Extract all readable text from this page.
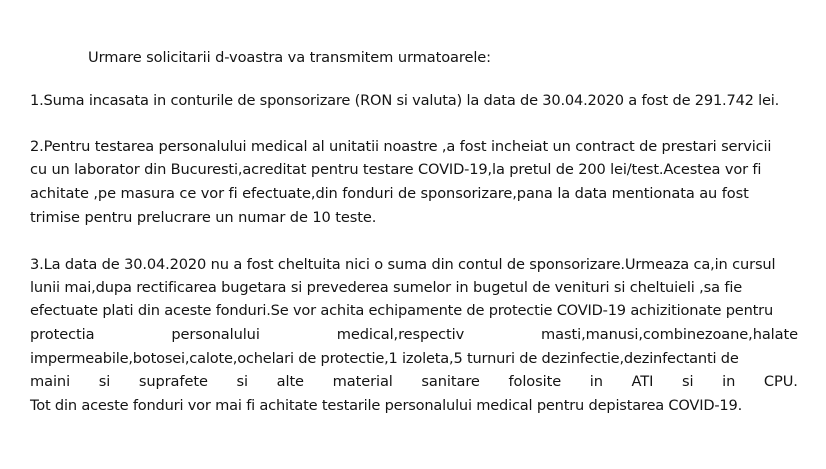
Urmare solicitarii d-voastra va transmitem urmatoarele:
1.Suma incasata in conturile de sponsorizare (RON si valuta) la data de 30.04.2020 a fost de 291.742 lei.
2.Pentru testarea personalului medical al unitatii noastre ,a fost incheiat un contract de prestari servicii
cu un laborator din Bucuresti,acreditat pentru testare COVID-19,la pretul de 200 lei/test.Acestea vor fi
achitate ,pe masura ce vor fi efectuate,din fonduri de sponsorizare,pana la data mentionata au fost
trimise pentru prelucrare un numar de 10 teste.
3.La data de 30.04.2020 nu a fost cheltuita nici o suma din contul de sponsorizare.Urmeaza ca,in cursul
lunii mai,dupa rectificarea bugetara si prevederea sumelor in bugetul de venituri si cheltuieli ,sa fie
efectuate plati din aceste fonduri.Se vor achita echipamente de protectie COVID-19 achizitionate pentru
protectia	personalului	medical,respectiv	masti,manusi,combinezoane,halate
impermeabile,botosei,calote,ochelari de protectie,1 izoleta,5 turnuri de dezinfectie,dezinfectanti de
maini si suprafete si alte material sanitare folosite in ATI si in CPU.
Tot din aceste fonduri vor mai fi achitate testarile personalului medical pentru depistarea COVID-19.
